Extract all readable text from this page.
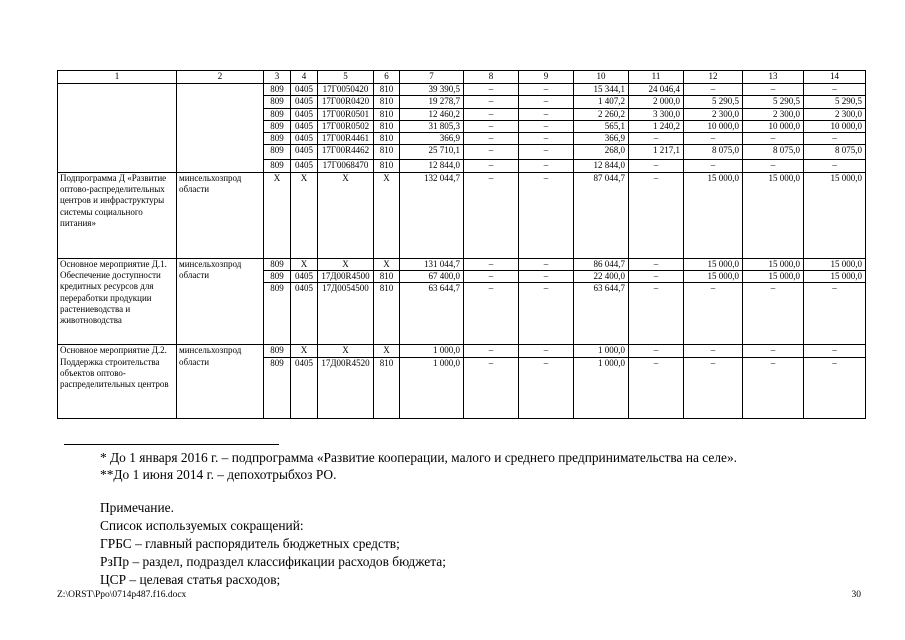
1	2	3	4	5	6	7	8	9	10	11	12	13	14
		809	0405	17Г0050420	810	39 390,5	–	–	15 344,1	24 046,4	–	–	–
		809	0405	17Г00R0420	810	19 278,7	–	–	1 407,2	2 000,0	5 290,5	5 290,5	5 290,5
		809	0405	17Г00R0501	810	12 460,2	–	–	2 260,2	3 300,0	2 300,0	2 300,0	2 300,0
		809	0405	17Г00R0502	810	31 805,3	–	–	565,1	1 240,2	10 000,0	10 000,0	10 000,0
		809	0405	17Г00R4461	810	366,9	–	–	366,9	–	–	–	–
		809	0405	17Г00R4462	810	25 710,1	–	–	268,0	1 217,1	8 075,0	8 075,0	8 075,0
		809	0405	17Г0068470	810	12 844,0	–	–	12 844,0	–	–	–	–
Подпрограмма Д «Развитие оптово-распределительных центров и инфраструктуры системы социального питания»	минсельхозпрод области	Х	Х	Х	Х	132 044,7	–	–	87 044,7	–	15 000,0	15 000,0	15 000,0
Основное мероприятие Д.1. Обеспечение доступности кредитных ресурсов для переработки продукции растениеводства и животноводства	минсельхозпрод области	809	Х	Х	Х	131 044,7	–	–	86 044,7	–	15 000,0	15 000,0	15 000,0
		809	0405	17Д00R4500	810	67 400,0	–	–	22 400,0	–	15 000,0	15 000,0	15 000,0
		809	0405	17Д0054500	810	63 644,7	–	–	63 644,7	–	–	–	–
Основное мероприятие Д.2. Поддержка строительства объектов оптово-распределительных центров	минсельхозпрод области	809	Х	Х	Х	1 000,0	–	–	1 000,0	–	–	–	–
		809	0405	17Д00R4520	810	1 000,0	–	–	1 000,0	–	–	–	–
* До 1 января 2016 г. – подпрограмма «Развитие кооперации, малого и среднего предпринимательства на селе».
**До 1 июня 2014 г. – депохотрыбхоз РО.
Примечание.
Список используемых сокращений:
ГРБС – главный распорядитель бюджетных средств;
РзПр – раздел, подраздел классификации расходов бюджета;
ЦСР – целевая статья расходов;
Z:\ORST\Ppo\0714p487.f16.docx	30
